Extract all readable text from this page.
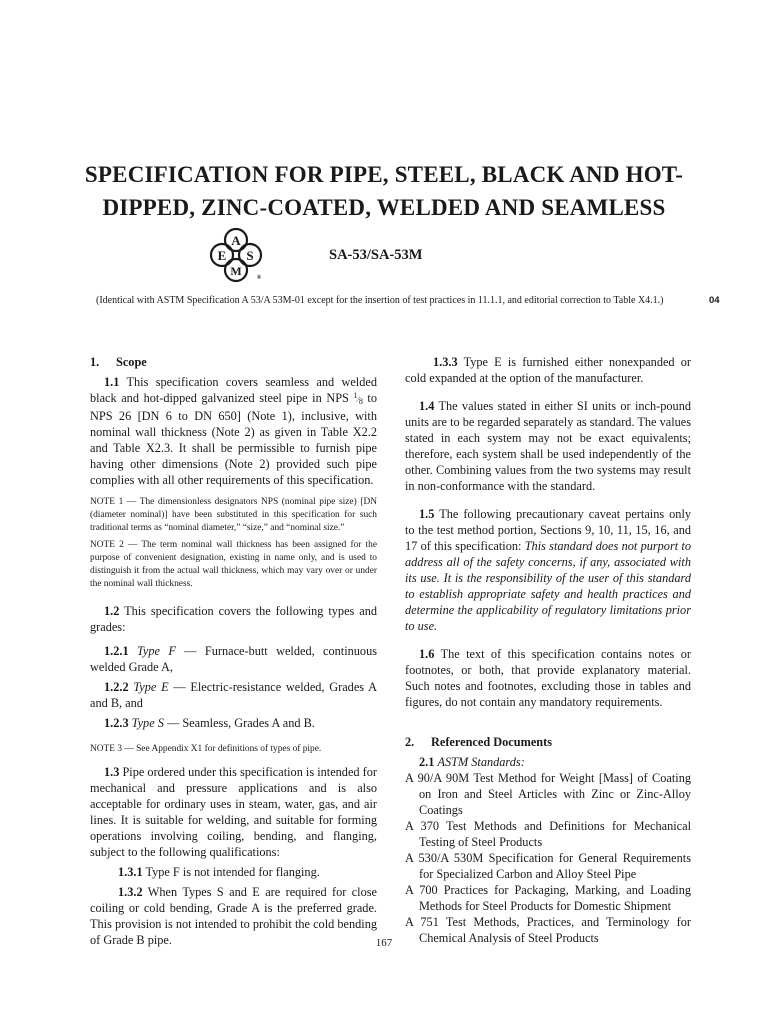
SPECIFICATION FOR PIPE, STEEL, BLACK AND HOT-
DIPPED, ZINC-COATED, WELDED AND SEAMLESS
A
E S
M	®

SA-53/SA-53M

(Identical with ASTM Specification A 53/A 53M-01 except for the insertion of test practices in 11.1.1, and editorial correction to Table X4.1.)	04
1. Scope

1.1 This specification covers seamless and welded black and hot-dipped galvanized steel pipe in NPS 1⁄8 to NPS 26 [DN 6 to DN 650] (Note 1), inclusive, with nominal wall thickness (Note 2) as given in Table X2.2 and Table X2.3. It shall be permissible to furnish pipe having other dimensions (Note 2) provided such pipe complies with all other requirements of this specification.

NOTE 1 — The dimensionless designators NPS (nominal pipe size) [DN (diameter nominal)] have been substituted in this specification for such traditional terms as “nominal diameter,” “size,” and “nominal size.”

NOTE 2 — The term nominal wall thickness has been assigned for the purpose of convenient designation, existing in name only, and is used to distinguish it from the actual wall thickness, which may vary over or under the nominal wall thickness.

1.2 This specification covers the following types and grades:

1.2.1 Type F — Furnace-butt welded, continuous welded Grade A,

1.2.2 Type E — Electric-resistance welded, Grades A and B, and

1.2.3 Type S — Seamless, Grades A and B.

NOTE 3 — See Appendix X1 for definitions of types of pipe.

1.3 Pipe ordered under this specification is intended for mechanical and pressure applications and is also acceptable for ordinary uses in steam, water, gas, and air lines. It is suitable for welding, and suitable for forming operations involving coiling, bending, and flanging, subject to the following qualifications:

1.3.1 Type F is not intended for flanging.

1.3.2 When Types S and E are required for close coiling or cold bending, Grade A is the preferred grade. This provision is not intended to prohibit the cold bending of Grade B pipe.

1.3.3 Type E is furnished either nonexpanded or cold expanded at the option of the manufacturer.

1.4 The values stated in either SI units or inch-pound units are to be regarded separately as standard. The values stated in each system may not be exact equivalents; therefore, each system shall be used independently of the other. Combining values from the two systems may result in non-conformance with the standard.

1.5 The following precautionary caveat pertains only to the test method portion, Sections 9, 10, 11, 15, 16, and 17 of this specification: This standard does not purport to address all of the safety concerns, if any, associated with its use. It is the responsibility of the user of this standard to establish appropriate safety and health practices and determine the applicability of regulatory limitations prior to use.

1.6 The text of this specification contains notes or footnotes, or both, that provide explanatory material. Such notes and footnotes, excluding those in tables and figures, do not contain any mandatory requirements.

2. Referenced Documents

2.1 ASTM Standards:

A 90/A 90M Test Method for Weight [Mass] of Coating on Iron and Steel Articles with Zinc or Zinc-Alloy Coatings

A 370 Test Methods and Definitions for Mechanical Testing of Steel Products

A 530/A 530M Specification for General Requirements for Specialized Carbon and Alloy Steel Pipe

A 700 Practices for Packaging, Marking, and Loading Methods for Steel Products for Domestic Shipment

A 751 Test Methods, Practices, and Terminology for Chemical Analysis of Steel Products

167
